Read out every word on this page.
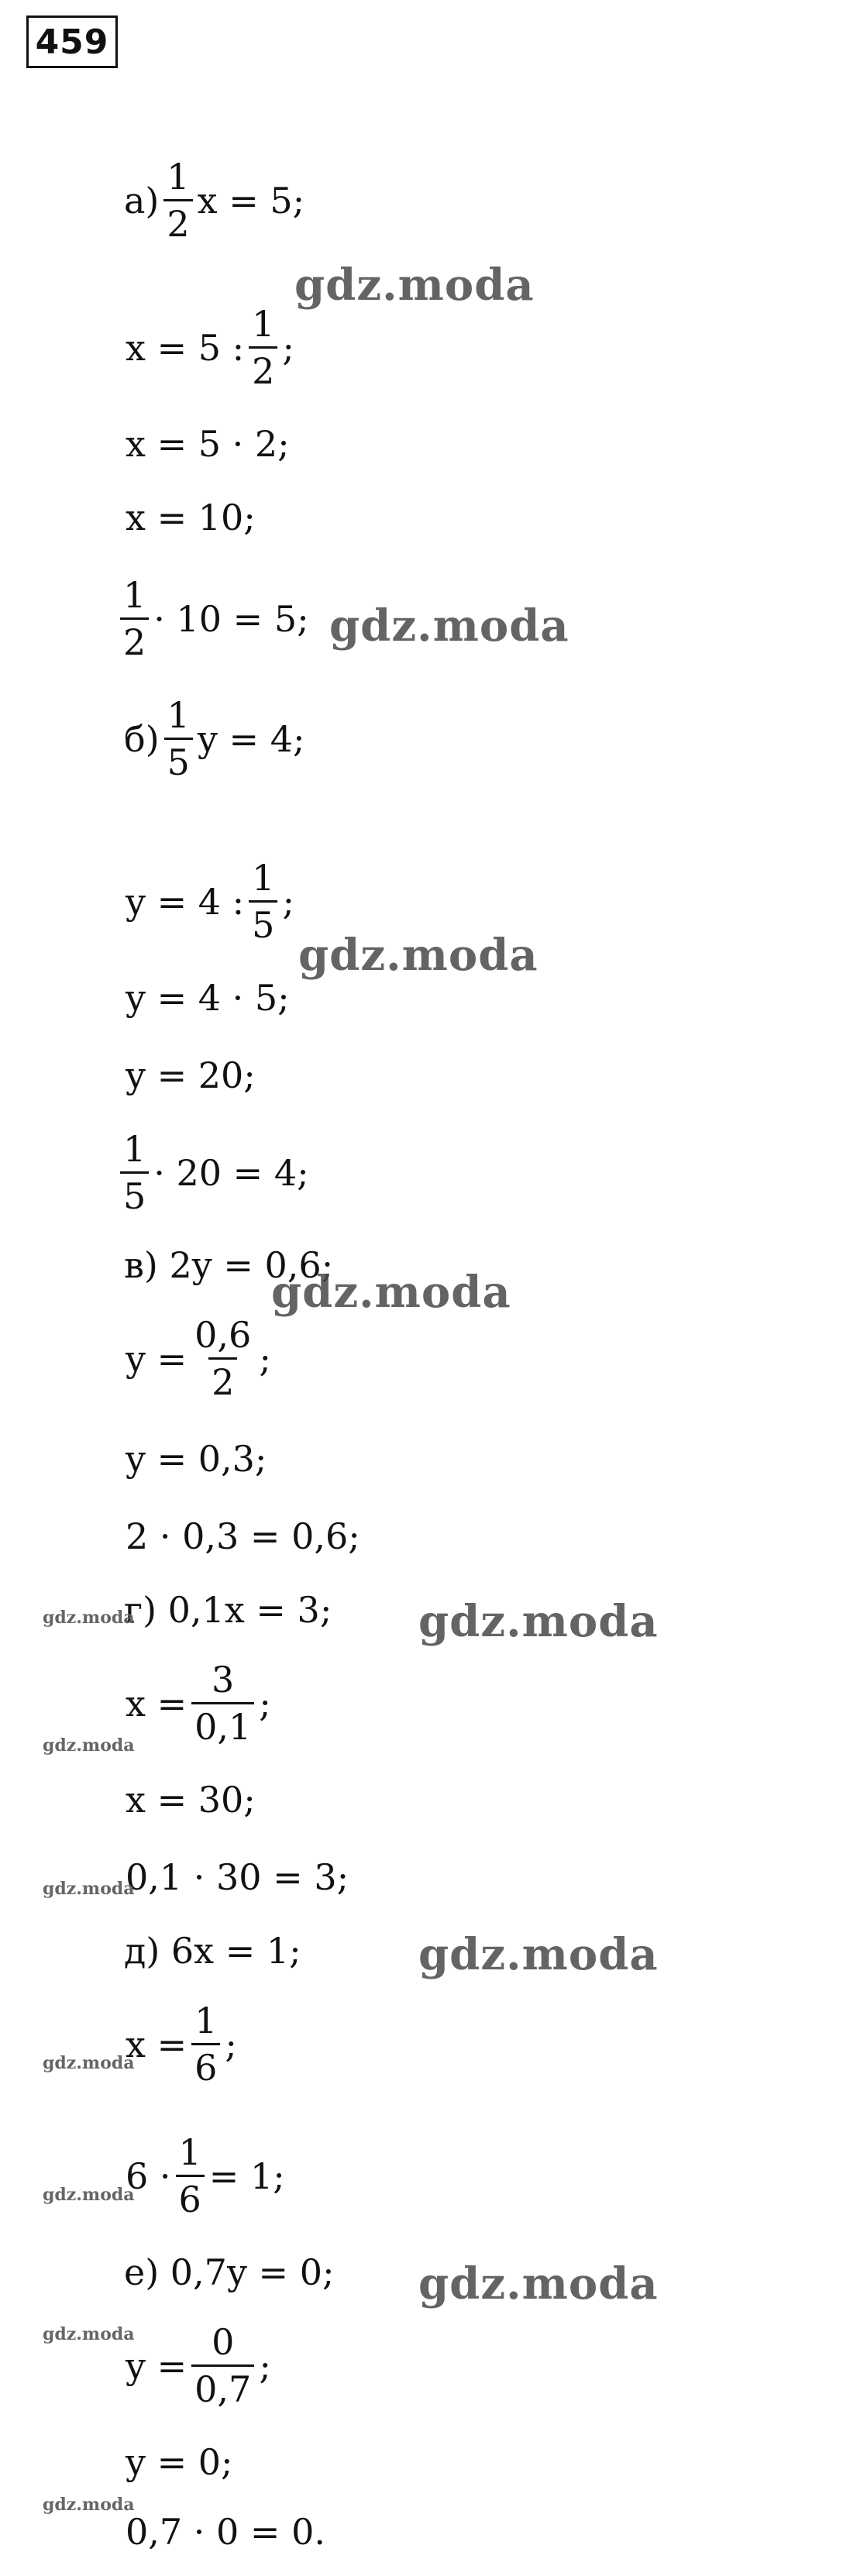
459
$а) \frac{1}{2}$ x = 5;
x = 5 : $\frac{1}{2}$ ;
x = 5 · 2;
x = 10;
$\frac{1}{2} \cdot 10 = 5$;
$б) \frac{1}{5}$ y = 4;
y = 4 : $\frac{1}{5}$ ;
y = 4 · 5;
y = 20;
$\frac{1}{5} \cdot 20 = 4$;
в) 2y = 0,6;
$y = \frac{0,6}{2}$ ;
y = 0,3;
2 · 0,3 = 0,6;
г) 0,1x = 3;
$x = \frac{3}{0,1}$ ;
x = 30;
0,1 · 30 = 3;
д) 6x = 1;
$x = \frac{1}{6}$ ;
$6 \cdot \frac{1}{6} = 1$;
е) 0,7y = 0;
$y = \frac{0}{0,7}$ ;
y = 0;
0,7 · 0 = 0.
gdz.moda
gdz.moda
gdz.moda
gdz.moda
gdz.moda
gdz.moda
gdz.moda
gdz.moda
gdz.moda
gdz.moda
gdz.moda
gdz.moda
gdz.moda
gdz.moda
